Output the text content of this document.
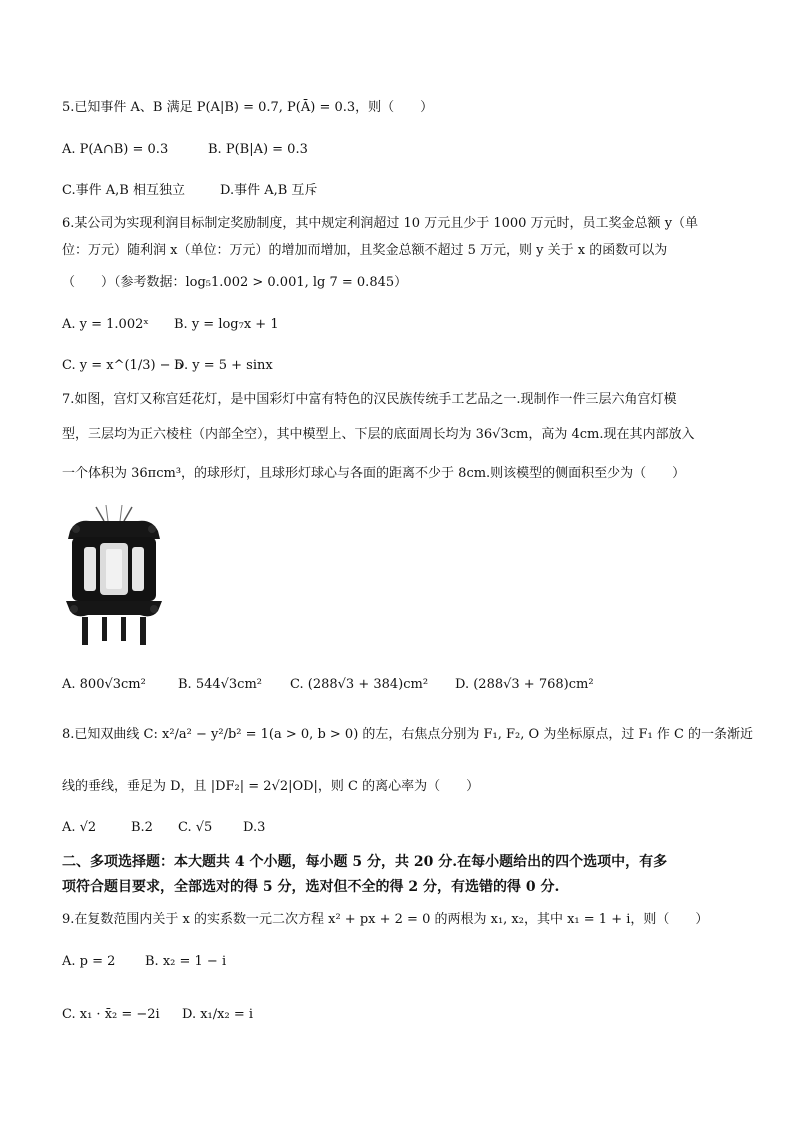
5.已知事件 A、B 满足 P(A|B) = 0.7, P(Ā) = 0.3，则（　　）
A. P(A∩B) = 0.3	B. P(B|A) = 0.3
C.事件 A,B 相互独立	D.事件 A,B 互斥
6.某公司为实现利润目标制定奖励制度，其中规定利润超过 10 万元且少于 1000 万元时，员工奖金总额 y（单
位：万元）随利润 x（单位：万元）的增加而增加，且奖金总额不超过 5 万元，则 y 关于 x 的函数可以为
（　　）（参考数据：log₅1.002 > 0.001, lg 7 = 0.845）
A. y = 1.002ˣ B. y = log₇x + 1
C. y = x^(1/3) − 5
D. y = 5 + sinx
7.如图，宫灯又称宫廷花灯，是中国彩灯中富有特色的汉民族传统手工艺品之一.现制作一件三层六角宫灯模
型，三层均为正六棱柱（内部全空），其中模型上、下层的底面周长均为 36√3cm，高为 4cm.现在其内部放入
一个体积为 36πcm³，的球形灯，且球形灯球心与各面的距离不少于 8cm.则该模型的侧面积至少为（　　）
A. 800√3cm² B. 544√3cm² C. (288√3 + 384)cm² D. (288√3 + 768)cm²
8.已知双曲线 C: x²/a² − y²/b² = 1(a > 0, b > 0) 的左，右焦点分别为 F₁, F₂, O 为坐标原点，过 F₁ 作 C 的一条渐近
线的垂线，垂足为 D，且 |DF₂| = 2√2|OD|，则 C 的离心率为（　　）
A. √2	B.2 C. √5 D.3
二、多项选择题：本大题共 4 个小题，每小题 5 分，共 20 分.在每小题给出的四个选项中，有多
项符合题目要求，全部选对的得 5 分，选对但不全的得 2 分，有选错的得 0 分.
9.在复数范围内关于 x 的实系数一元二次方程 x² + px + 2 = 0 的两根为 x₁, x₂，其中 x₁ = 1 + i，则（　　）
A. p = 2 B. x₂ = 1 − i
C. x₁ · x̄₂ = −2i D. x₁/x₂ = i
